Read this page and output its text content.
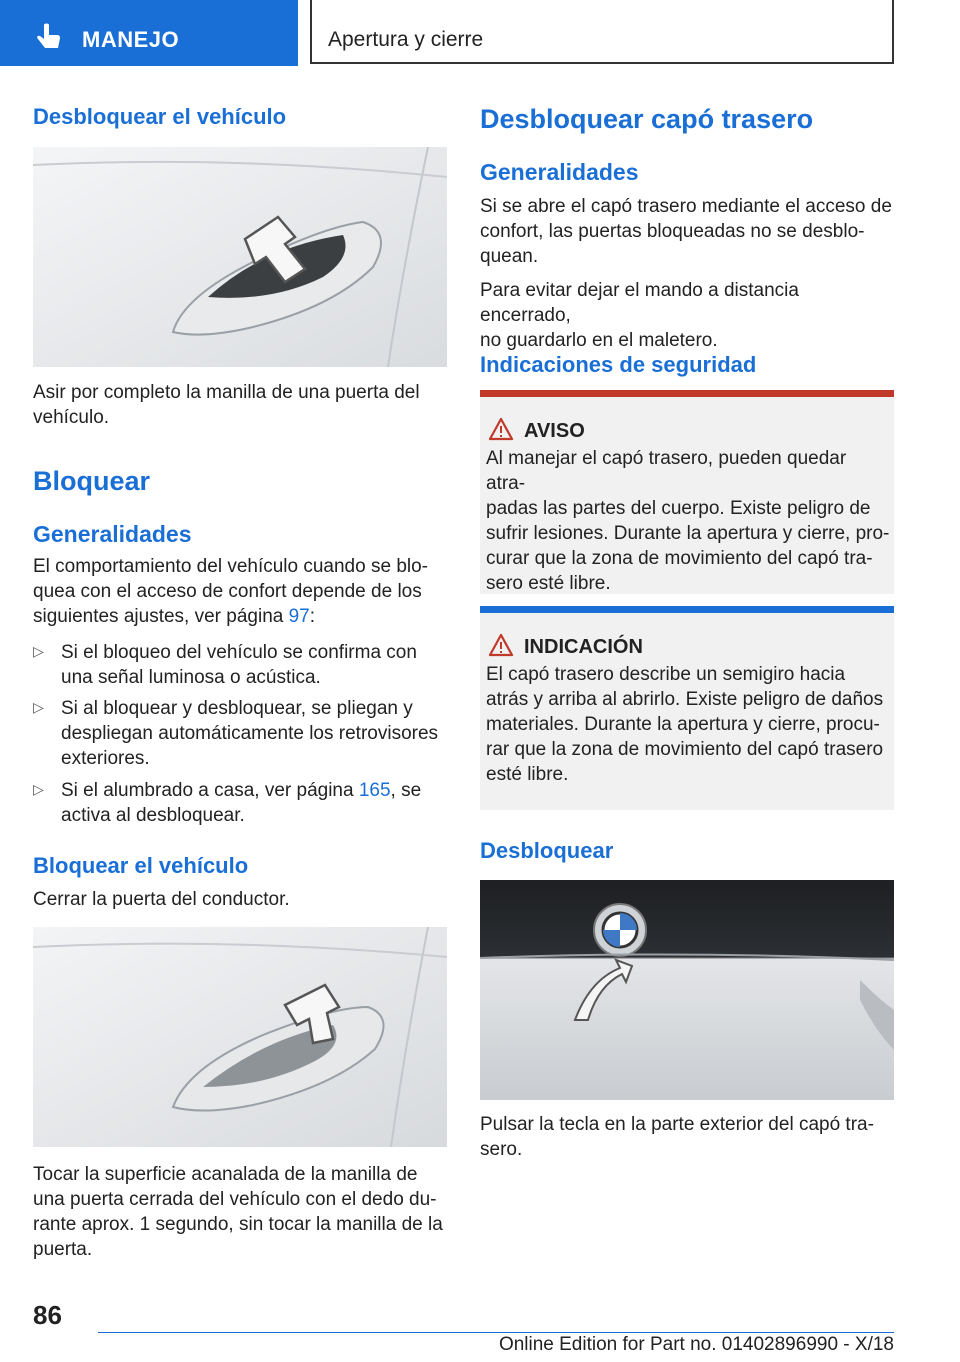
MANEJO	Apertura y cierre
Desbloquear el vehículo
Asir por completo la manilla de una puerta del
vehículo.
Bloquear
Generalidades
El comportamiento del vehículo cuando se blo-
quea con el acceso de confort depende de los
siguientes ajustes, ver página 97:
▷ Si el bloqueo del vehículo se confirma con
una señal luminosa o acústica.
▷ Si al bloquear y desbloquear, se pliegan y
despliegan automáticamente los retrovisores
exteriores.
▷ Si el alumbrado a casa, ver página 165, se
activa al desbloquear.
Bloquear el vehículo
Cerrar la puerta del conductor.
Tocar la superficie acanalada de la manilla de
una puerta cerrada del vehículo con el dedo du-
rante aprox. 1 segundo, sin tocar la manilla de la
puerta.
Desbloquear capó trasero
Generalidades
Si se abre el capó trasero mediante el acceso de
confort, las puertas bloqueadas no se desblo-
quean.
Para evitar dejar el mando a distancia encerrado,
no guardarlo en el maletero.
Indicaciones de seguridad
AVISO
Al manejar el capó trasero, pueden quedar atra-
padas las partes del cuerpo. Existe peligro de
sufrir lesiones. Durante la apertura y cierre, pro-
curar que la zona de movimiento del capó tra-
sero esté libre.
INDICACIÓN
El capó trasero describe un semigiro hacia
atrás y arriba al abrirlo. Existe peligro de daños
materiales. Durante la apertura y cierre, procu-
rar que la zona de movimiento del capó trasero
esté libre.
Desbloquear
Pulsar la tecla en la parte exterior del capó tra-
sero.
86
Online Edition for Part no. 01402896990 - X/18
